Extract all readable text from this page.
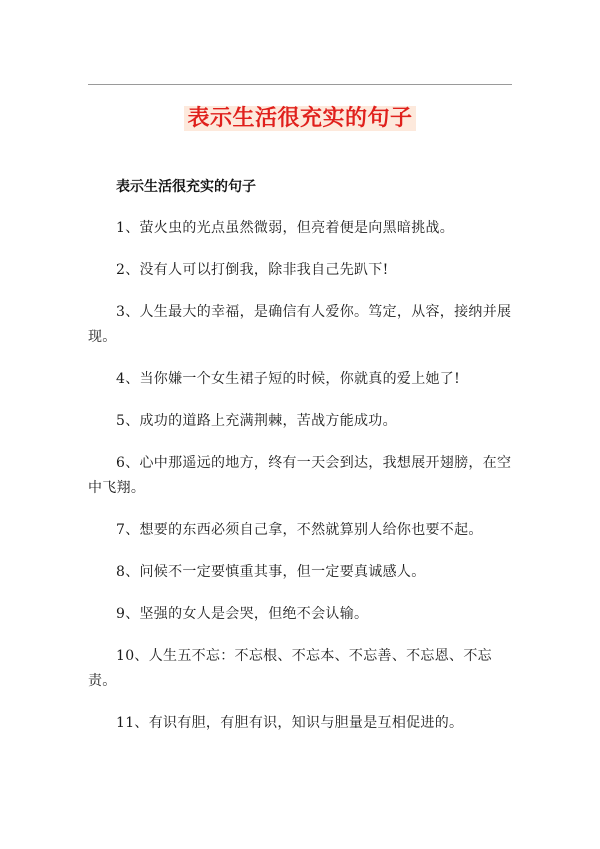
表示生活很充实的句子

表示生活很充实的句子

1、萤火虫的光点虽然微弱，但亮着便是向黑暗挑战。

2、没有人可以打倒我，除非我自己先趴下!

3、人生最大的幸福，是确信有人爱你。笃定，从容，接纳并展现。

4、当你嫌一个女生裙子短的时候，你就真的爱上她了!

5、成功的道路上充满荆棘，苦战方能成功。

6、心中那遥远的地方，终有一天会到达，我想展开翅膀，在空中飞翔。

7、想要的东西必须自己拿，不然就算别人给你也要不起。

8、问候不一定要慎重其事，但一定要真诚感人。

9、坚强的女人是会哭，但绝不会认输。

10、人生五不忘：不忘根、不忘本、不忘善、不忘恩、不忘责。

11、有识有胆，有胆有识，知识与胆量是互相促进的。
